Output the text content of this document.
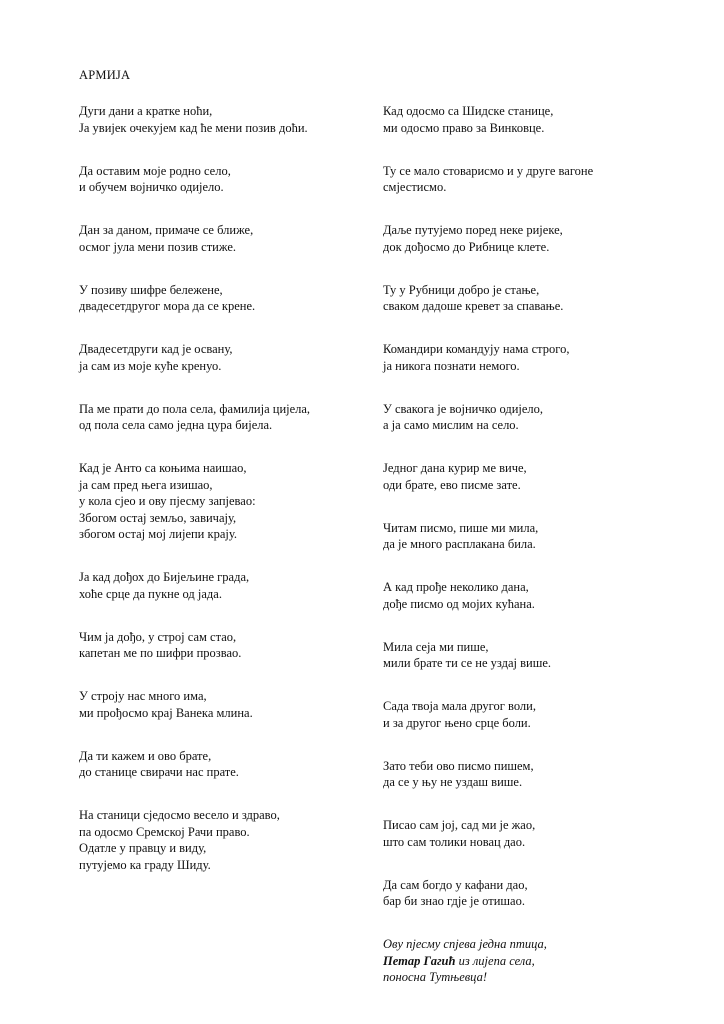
АРМИЈА
Дуги дани а кратке ноћи,
Ја увијек очекујем кад ће мени позив доћи.
Да оставим моје родно село,
и обучем војничко одијело.
Дан за даном, примаче се ближе,
осмог јула мени позив стиже.
У позиву шифре бележене,
двадесетдругог мора да се крене.
Двадесетдруги кад је освану,
ја сам из моје куће кренуо.
Па ме прати до пола села, фамилија цијела,
од пола села само једна цура бијела.
Кад је Анто са коњима наишао,
ја сам пред њега изишао,
у кола сјео и ову пјесму запјевао:
Збогом остај земљо, завичају,
збогом остај мој лијепи крају.
Ја кад дођох до Бијељине града,
хоће срце да пукне од јада.
Чим ја дођо, у строј сам стао,
капетан ме по шифри прозвао.
У строју нас много има,
ми прођосмо крај Ванека млина.
Да ти кажем и ово брате,
до станице свирачи нас прате.
На станици сједосмо весело и здраво,
па одосмо Сремској Рачи право.
Одатле у правцу и виду,
путујемо ка граду Шиду.
Кад одосмо са Шидске станице,
ми одосмо право за Винковце.
Ту се мало стоварисмо и у друге вагоне
смјестисмо.
Даље путујемо поред неке ријеке,
док дођосмо до Рибнице клете.
Ту у Рубници добро је стање,
сваком дадоше кревет за спавање.
Командири командују нама строго,
ја никога познати немого.
У свакога је војничко одијело,
а ја само мислим на село.
Једног дана курир ме виче,
оди брате, ево писме зате.
Читам писмо, пише ми мила,
да је много расплакана била.
А кад прође неколико дана,
дође писмо од мојих кућана.
Мила сеја ми пише,
мили брате ти се не уздај више.
Сада твоја мала другог воли,
и за другог њено срце боли.
Зато теби ово писмо пишем,
да се у њу не уздаш више.
Писао сам јој, сад ми је жао,
што сам толики новац дао.
Да сам богдо у кафани дао,
бар би знао гдје је отишао.
Ову пјесму спјева једна птица,
Петар Гагић из лијепа села,
поносна Тутњевца!
